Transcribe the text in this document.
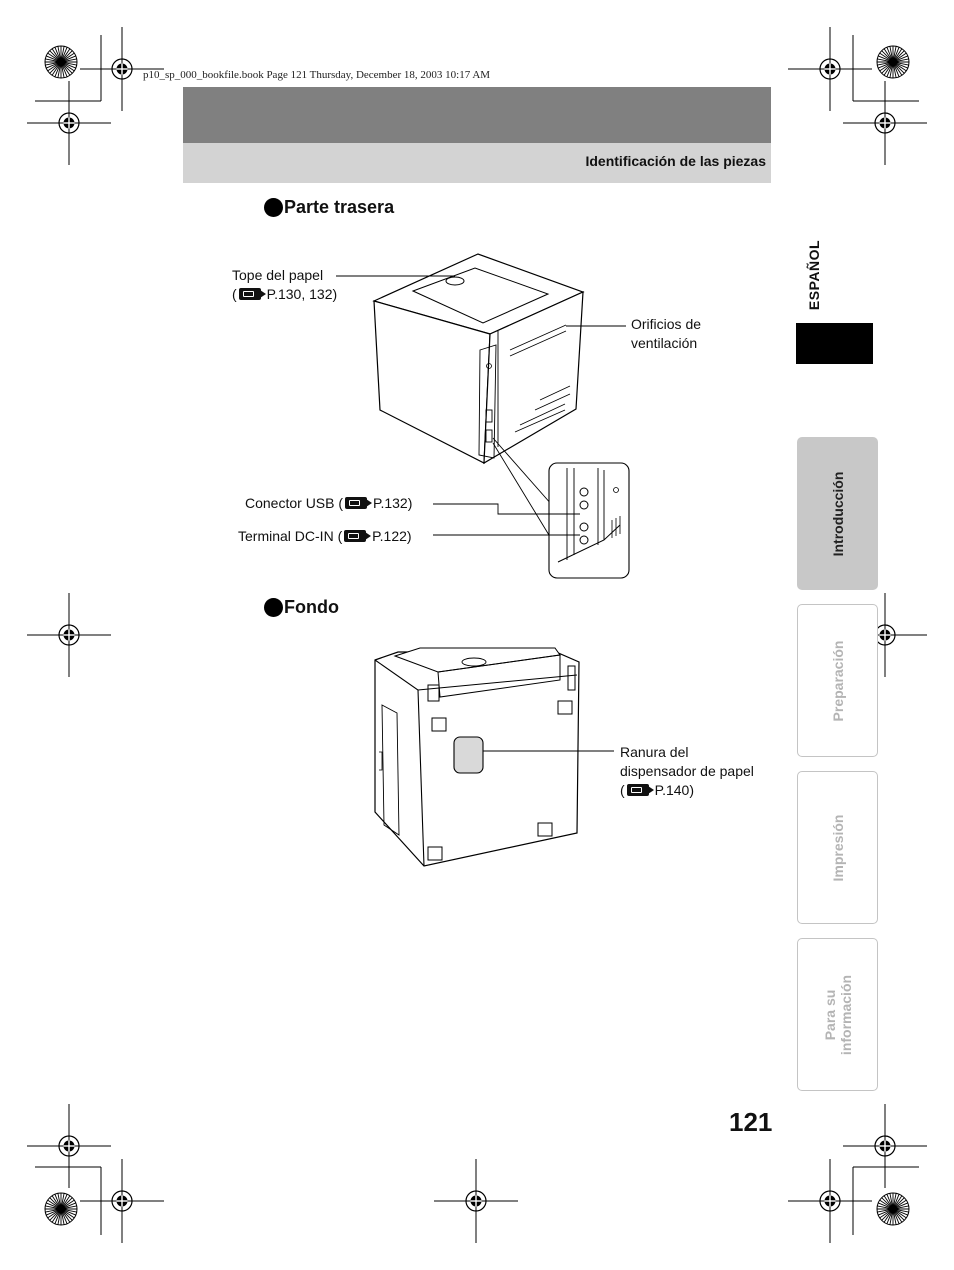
p10_sp_000_bookfile.book Page 121 Thursday, December 18, 2003 10:17 AM
Identificación de las piezas
Parte trasera
Tope del papel
( P.130, 132)
Orificios de
ventilación
Conector USB ( P.132)
Terminal DC-IN ( P.122)
Fondo
Ranura del
dispensador de papel
( P.140)
ESPAÑOL
Introducción
Preparación
Impresión
Para su información
121
